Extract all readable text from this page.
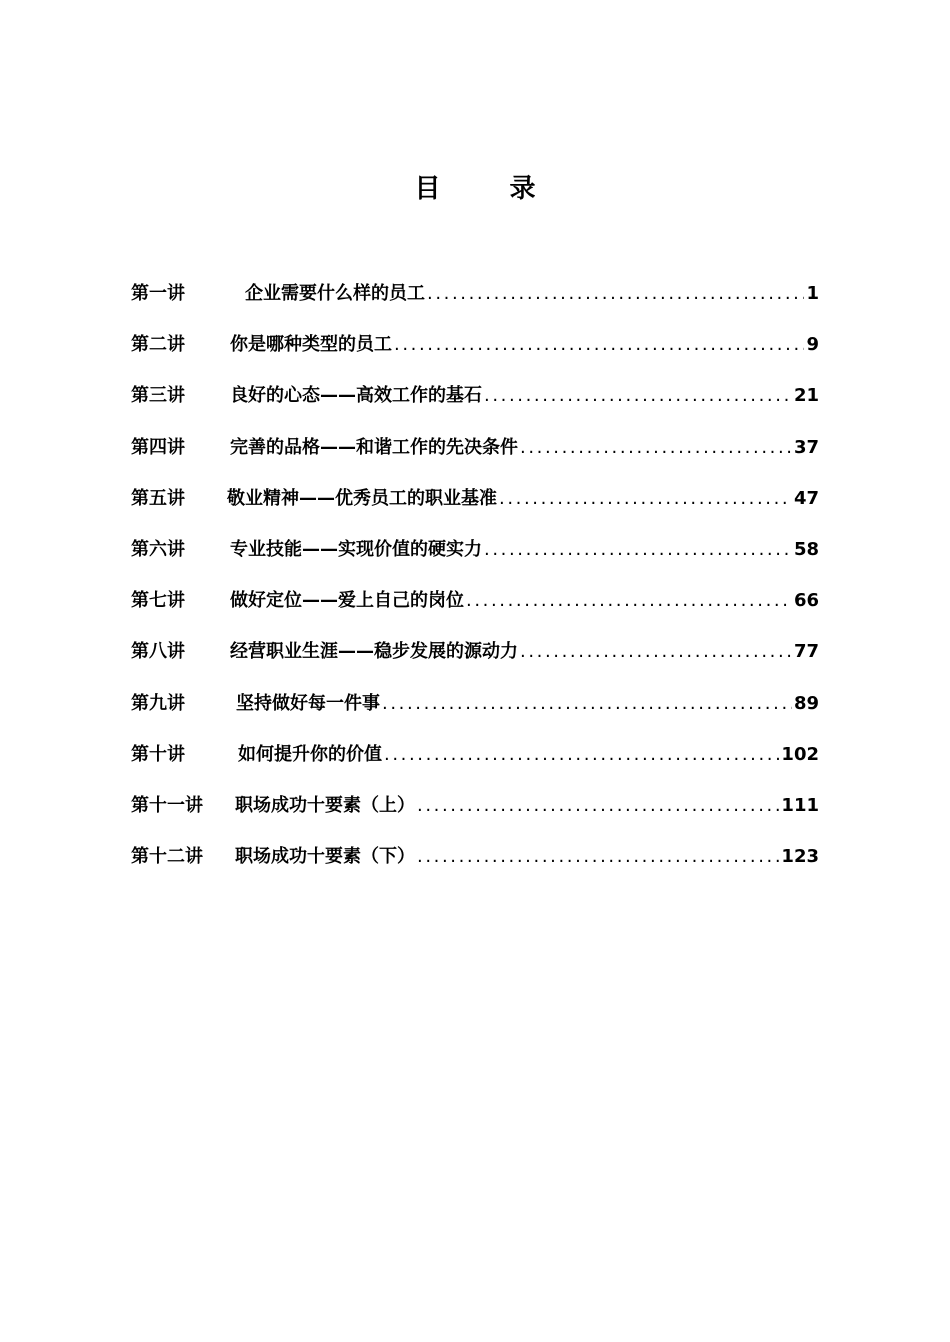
目 录
第一讲	企业需要什么样的员工 .....	1
第二讲	你是哪种类型的员工 .....	9
第三讲	良好的心态——高效工作的基石 .....	21
第四讲	完善的品格——和谐工作的先决条件 .....	37
第五讲	敬业精神——优秀员工的职业基准 .....	47
第六讲	专业技能——实现价值的硬实力 .....	58
第七讲	做好定位——爱上自己的岗位 .....	66
第八讲	经营职业生涯——稳步发展的源动力 .....	77
第九讲	坚持做好每一件事 .....	89
第十讲	如何提升你的价值 .....	102
第十一讲	职场成功十要素（上） .....	111
第十二讲	职场成功十要素（下） .....	123
